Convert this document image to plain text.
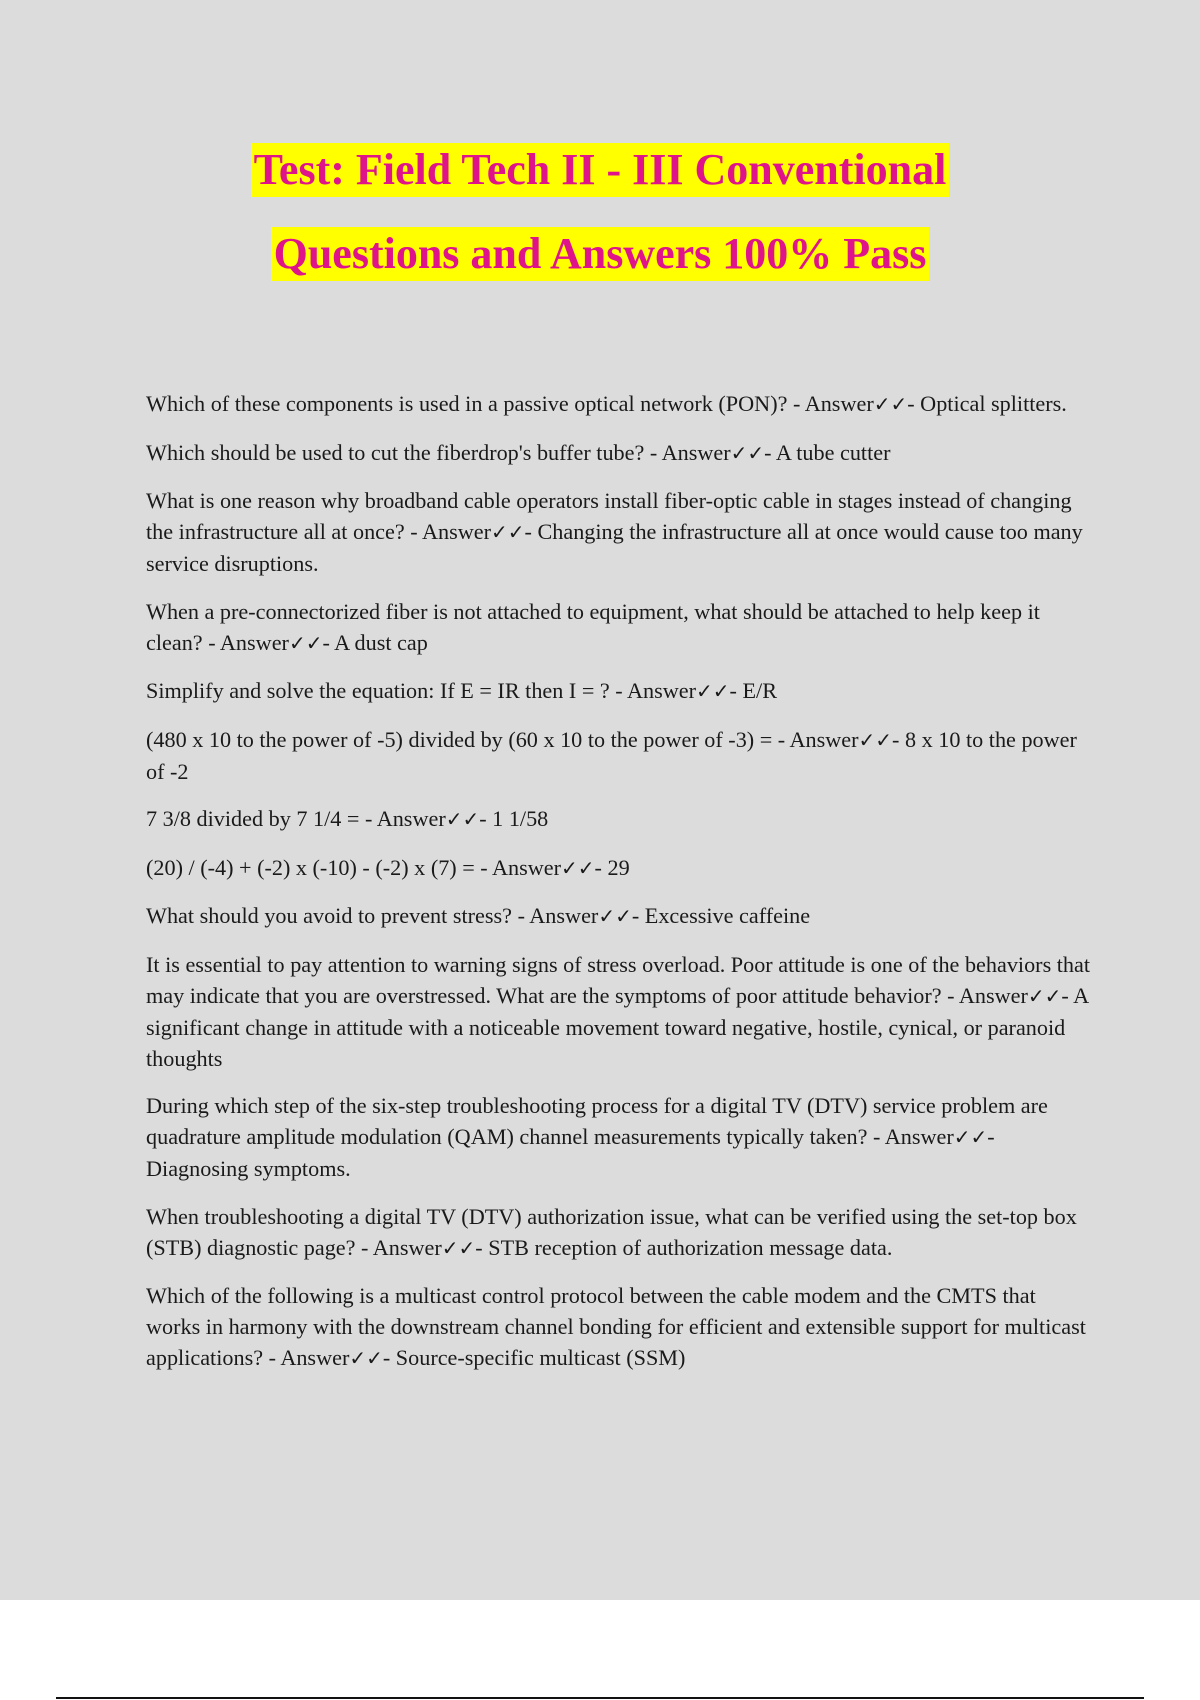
Test: Field Tech II - III Conventional
Questions and Answers 100% Pass

Which of these components is used in a passive optical network (PON)? - Answer✓✓- Optical splitters.

Which should be used to cut the fiberdrop's buffer tube? - Answer✓✓- A tube cutter

What is one reason why broadband cable operators install fiber-optic cable in stages instead of changing the infrastructure all at once? - Answer✓✓- Changing the infrastructure all at once would cause too many service disruptions.

When a pre-connectorized fiber is not attached to equipment, what should be attached to help keep it clean? - Answer✓✓- A dust cap

Simplify and solve the equation: If E = IR then I = ? - Answer✓✓- E/R

(480 x 10 to the power of -5) divided by (60 x 10 to the power of -3) = - Answer✓✓- 8 x 10 to the power of -2

7 3/8 divided by 7 1/4 = - Answer✓✓- 1 1/58

(20) / (-4) + (-2) x (-10) - (-2) x (7) = - Answer✓✓- 29

What should you avoid to prevent stress? - Answer✓✓- Excessive caffeine

It is essential to pay attention to warning signs of stress overload. Poor attitude is one of the behaviors that may indicate that you are overstressed. What are the symptoms of poor attitude behavior? - Answer✓✓- A significant change in attitude with a noticeable movement toward negative, hostile, cynical, or paranoid thoughts

During which step of the six-step troubleshooting process for a digital TV (DTV) service problem are quadrature amplitude modulation (QAM) channel measurements typically taken? - Answer✓✓- Diagnosing symptoms.

When troubleshooting a digital TV (DTV) authorization issue, what can be verified using the set-top box (STB) diagnostic page? - Answer✓✓- STB reception of authorization message data.

Which of the following is a multicast control protocol between the cable modem and the CMTS that works in harmony with the downstream channel bonding for efficient and extensible support for multicast applications? - Answer✓✓- Source-specific multicast (SSM)
